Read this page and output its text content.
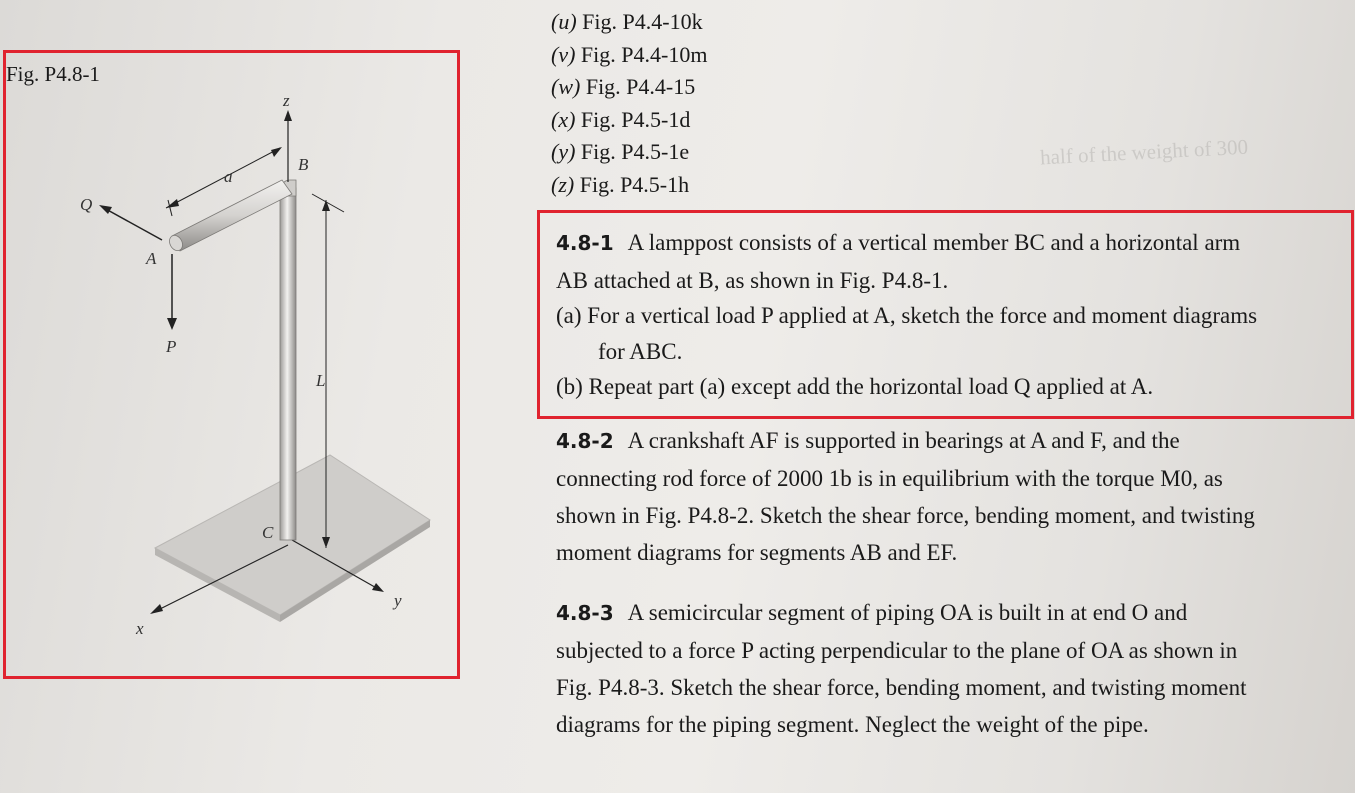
half of the weight of 300
Fig. P4.8-1
z
a
B
Q
A
P
L
C
x
y
(u) Fig. P4.4-10k
(v) Fig. P4.4-10m
(w) Fig. P4.4-15
(x) Fig. P4.5-1d
(y) Fig. P4.5-1e
(z) Fig. P4.5-1h
4.8-1 A lamppost consists of a vertical member BC and a horizontal arm
AB attached at B, as shown in Fig. P4.8-1.
(a) For a vertical load P applied at A, sketch the force and moment diagrams
for ABC.
(b) Repeat part (a) except add the horizontal load Q applied at A.
4.8-2 A crankshaft AF is supported in bearings at A and F, and the
connecting rod force of 2000 1b is in equilibrium with the torque M0, as
shown in Fig. P4.8-2. Sketch the shear force, bending moment, and twisting
moment diagrams for segments AB and EF.
4.8-3 A semicircular segment of piping OA is built in at end O and
subjected to a force P acting perpendicular to the plane of OA as shown in
Fig. P4.8-3. Sketch the shear force, bending moment, and twisting moment
diagrams for the piping segment. Neglect the weight of the pipe.
